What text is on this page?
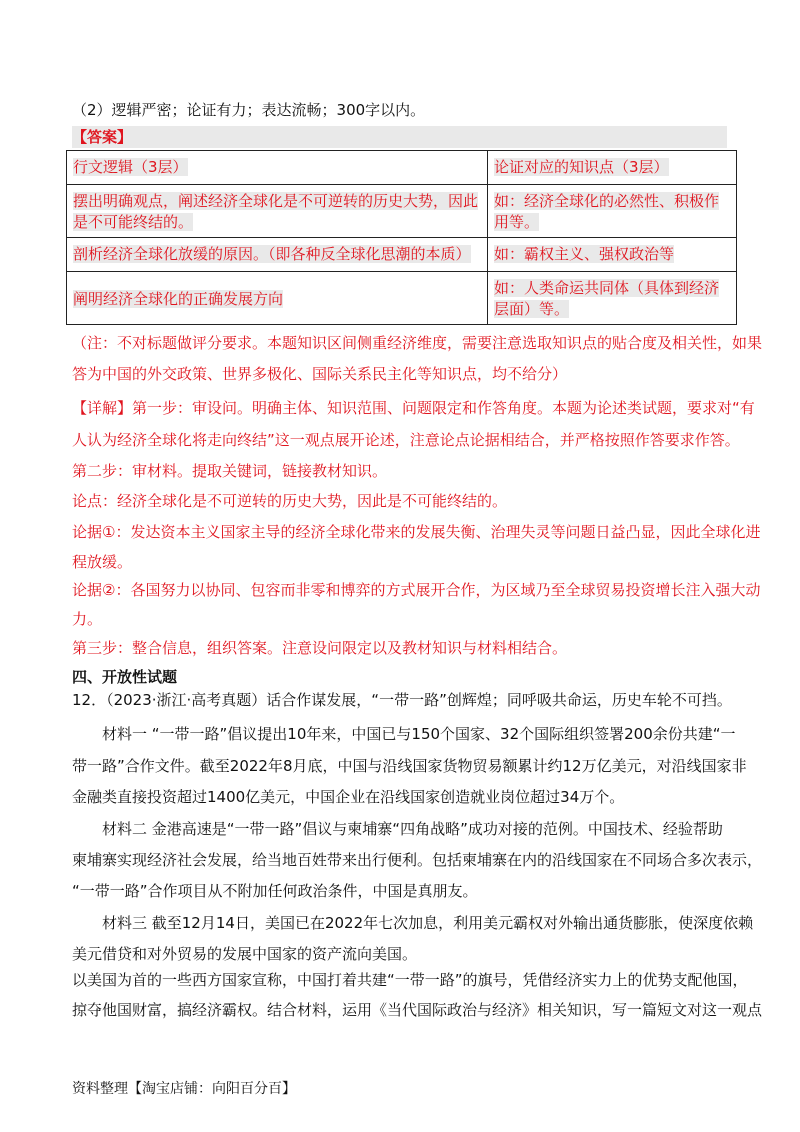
（2）逻辑严密；论证有力；表达流畅；300字以内。
【答案】
行文逻辑（3层）	论证对应的知识点（3层）
摆出明确观点，阐述经济全球化是不可逆转的历史大势，因此是不可能终结的。	如：经济全球化的必然性、积极作用等。
剖析经济全球化放缓的原因。（即各种反全球化思潮的本质）	如：霸权主义、强权政治等
阐明经济全球化的正确发展方向	如：人类命运共同体（具体到经济层面）等。
（注：不对标题做评分要求。本题知识区间侧重经济维度，需要注意选取知识点的贴合度及相关性，如果
答为中国的外交政策、世界多极化、国际关系民主化等知识点，均不给分）
【详解】第一步：审设问。明确主体、知识范围、问题限定和作答角度。本题为论述类试题，要求对“有
人认为经济全球化将走向终结”这一观点展开论述，注意论点论据相结合，并严格按照作答要求作答。
第二步：审材料。提取关键词，链接教材知识。
论点：经济全球化是不可逆转的历史大势，因此是不可能终结的。
论据①：发达资本主义国家主导的经济全球化带来的发展失衡、治理失灵等问题日益凸显，因此全球化进
程放缓。
论据②：各国努力以协同、包容而非零和博弈的方式展开合作，为区域乃至全球贸易投资增长注入强大动
力。
第三步：整合信息，组织答案。注意设问限定以及教材知识与材料相结合。
四、开放性试题
12．（2023·浙江·高考真题）话合作谋发展，“一带一路”创辉煌；同呼吸共命运，历史车轮不可挡。
材料一 “一带一路”倡议提出10年来，中国已与150个国家、32个国际组织签署200余份共建“一
带一路”合作文件。截至2022年8月底，中国与沿线国家货物贸易额累计约12万亿美元，对沿线国家非
金融类直接投资超过1400亿美元，中国企业在沿线国家创造就业岗位超过34万个。
材料二 金港高速是“一带一路”倡议与柬埔寨“四角战略”成功对接的范例。中国技术、经验帮助
柬埔寨实现经济社会发展，给当地百姓带来出行便利。包括柬埔寨在内的沿线国家在不同场合多次表示，
“一带一路”合作项目从不附加任何政治条件，中国是真朋友。
材料三 截至12月14日，美国已在2022年七次加息，利用美元霸权对外输出通货膨胀，使深度依赖
美元借贷和对外贸易的发展中国家的资产流向美国。
以美国为首的一些西方国家宣称，中国打着共建“一带一路”的旗号，凭借经济实力上的优势支配他国，
掠夺他国财富，搞经济霸权。结合材料，运用《当代国际政治与经济》相关知识，写一篇短文对这一观点
资料整理【淘宝店铺：向阳百分百】
